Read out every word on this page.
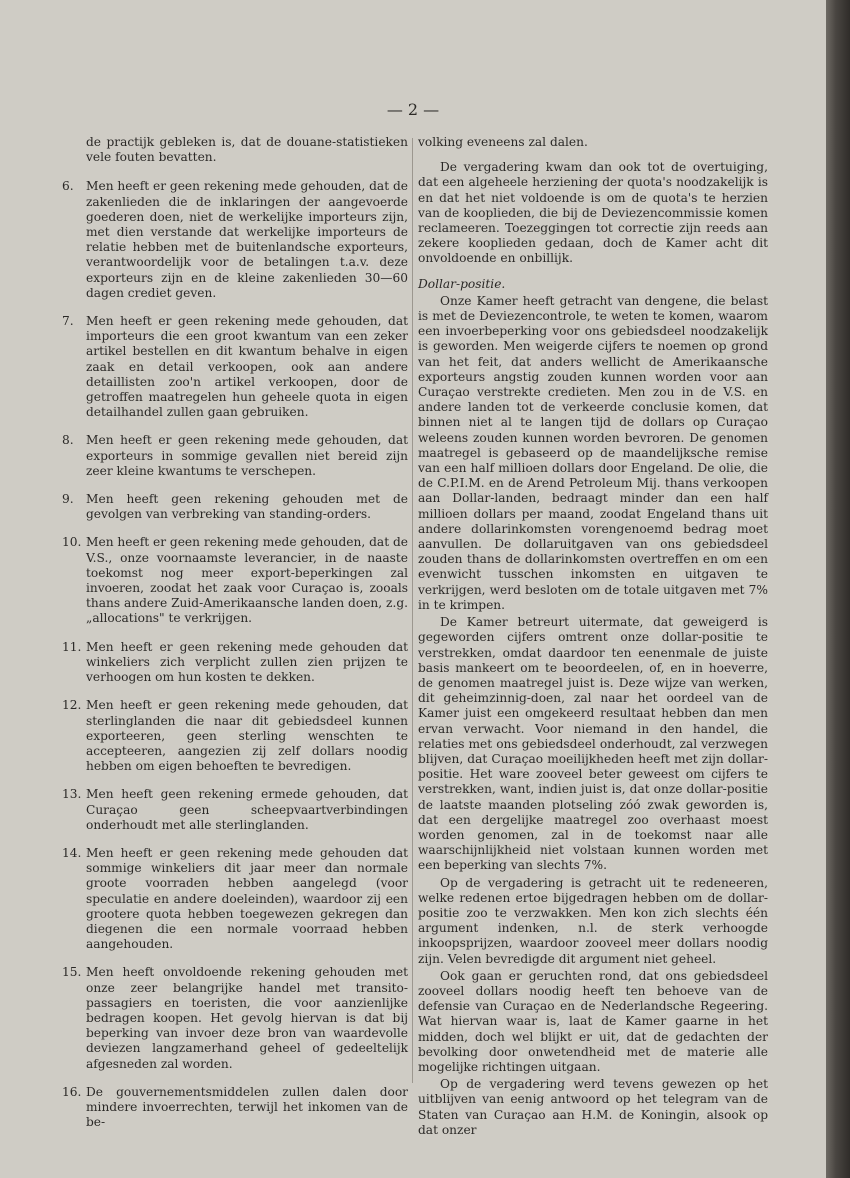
— 2 —

de practijk gebleken is, dat de douane-statistieken vele fouten bevatten.

6.	Men heeft er geen rekening mede gehouden, dat de zakenlieden die de inklaringen der aangevoerde goederen doen, niet de werkelijke importeurs zijn, met dien verstande dat werkelijke importeurs de relatie hebben met de buitenlandsche exporteurs, verantwoordelijk voor de betalingen t.a.v. deze exporteurs zijn en de kleine zakenlieden 30—60 dagen crediet geven.

7.	Men heeft er geen rekening mede gehouden, dat importeurs die een groot kwantum van een zeker artikel bestellen en dit kwantum behalve in eigen zaak en detail verkoopen, ook aan andere detaillisten zoo'n artikel verkoopen, door de getroffen maatregelen hun geheele quota in eigen detailhandel zullen gaan gebruiken.

8.	Men heeft er geen rekening mede gehouden, dat exporteurs in sommige gevallen niet bereid zijn zeer kleine kwantums te verschepen.

9.	Men heeft geen rekening gehouden met de gevolgen van verbreking van standing-orders.

10. Men heeft er geen rekening mede gehouden, dat de V.S., onze voornaamste leverancier, in de naaste toekomst nog meer export-beperkingen zal invoeren, zoodat het zaak voor Curaçao is, zooals thans andere Zuid-Amerikaansche landen doen, z.g. „allocations" te verkrijgen.

11. Men heeft er geen rekening mede gehouden dat winkeliers zich verplicht zullen zien prijzen te verhoogen om hun kosten te dekken.

12. Men heeft er geen rekening mede gehouden, dat sterlinglanden die naar dit gebiedsdeel kunnen exporteeren, geen sterling wenschten te accepteeren, aangezien zij zelf dollars noodig hebben om eigen behoeften te bevredigen.

13. Men heeft geen rekening ermede gehouden, dat Curaçao geen scheepvaartverbindingen onderhoudt met alle sterlinglanden.

14. Men heeft er geen rekening mede gehouden dat sommige winkeliers dit jaar meer dan normale groote voorraden hebben aangelegd (voor speculatie en andere doeleinden), waardoor zij een grootere quota hebben toegewezen gekregen dan diegenen die een normale voorraad hebben aangehouden.

15. Men heeft onvoldoende rekening gehouden met onze zeer belangrijke handel met transito-passagiers en toeristen, die voor aanzienlijke bedragen koopen. Het gevolg hiervan is dat bij beperking van invoer deze bron van waardevolle deviezen langzamerhand geheel of gedeeltelijk afgesneden zal worden.

16. De gouvernementsmiddelen zullen dalen door mindere invoerrechten, terwijl het inkomen van de be-

volking eveneens zal dalen.

De vergadering kwam dan ook tot de overtuiging, dat een algeheele herziening der quota's noodzakelijk is en dat het niet voldoende is om de quota's te herzien van de kooplieden, die bij de Deviezencommissie komen reclameeren. Toezeggingen tot correctie zijn reeds aan zekere kooplieden gedaan, doch de Kamer acht dit onvoldoende en onbillijk.

Dollar-positie.

Onze Kamer heeft getracht van dengene, die belast is met de Deviezencontrole, te weten te komen, waarom een invoerbeperking voor ons gebiedsdeel noodzakelijk is geworden. Men weigerde cijfers te noemen op grond van het feit, dat anders wellicht de Amerikaansche exporteurs angstig zouden kunnen worden voor aan Curaçao verstrekte credieten. Men zou in de V.S. en andere landen tot de verkeerde conclusie komen, dat binnen niet al te langen tijd de dollars op Curaçao weleens zouden kunnen worden bevroren. De genomen maatregel is gebaseerd op de maandelijksche remise van een half millioen dollars door Engeland. De olie, die de C.P.I.M. en de Arend Petroleum Mij. thans verkoopen aan Dollar-landen, bedraagt minder dan een half millioen dollars per maand, zoodat Engeland thans uit andere dollarinkomsten vorengenoemd bedrag moet aanvullen. De dollaruitgaven van ons gebiedsdeel zouden thans de dollarinkomsten overtreffen en om een evenwicht tusschen inkomsten en uitgaven te verkrijgen, werd besloten om de totale uitgaven met 7% in te krimpen.

De Kamer betreurt uitermate, dat geweigerd is gegeworden cijfers omtrent onze dollar-positie te verstrekken, omdat daardoor ten eenenmale de juiste basis mankeert om te beoordeelen, of, en in hoeverre, de genomen maatregel juist is. Deze wijze van werken, dit geheimzinnig-doen, zal naar het oordeel van de Kamer juist een omgekeerd resultaat hebben dan men ervan verwacht. Voor niemand in den handel, die relaties met ons gebiedsdeel onderhoudt, zal verzwegen blijven, dat Curaçao moeilijkheden heeft met zijn dollar-positie. Het ware zooveel beter geweest om cijfers te verstrekken, want, indien juist is, dat onze dollar-positie de laatste maanden plotseling zóó zwak geworden is, dat een dergelijke maatregel zoo overhaast moest worden genomen, zal in de toekomst naar alle waarschijnlijkheid niet volstaan kunnen worden met een beperking van slechts 7%.

Op de vergadering is getracht uit te redeneeren, welke redenen ertoe bijgedragen hebben om de dollar-positie zoo te verzwakken. Men kon zich slechts één argument indenken, n.l. de sterk verhoogde inkoopsprijzen, waardoor zooveel meer dollars noodig zijn. Velen bevredigde dit argument niet geheel.

Ook gaan er geruchten rond, dat ons gebiedsdeel zooveel dollars noodig heeft ten behoeve van de defensie van Curaçao en de Nederlandsche Regeering. Wat hiervan waar is, laat de Kamer gaarne in het midden, doch wel blijkt er uit, dat de gedachten der bevolking door onwetendheid met de materie alle mogelijke richtingen uitgaan.

Op de vergadering werd tevens gewezen op het uitblijven van eenig antwoord op het telegram van de Staten van Curaçao aan H.M. de Koningin, alsook op dat onzer
